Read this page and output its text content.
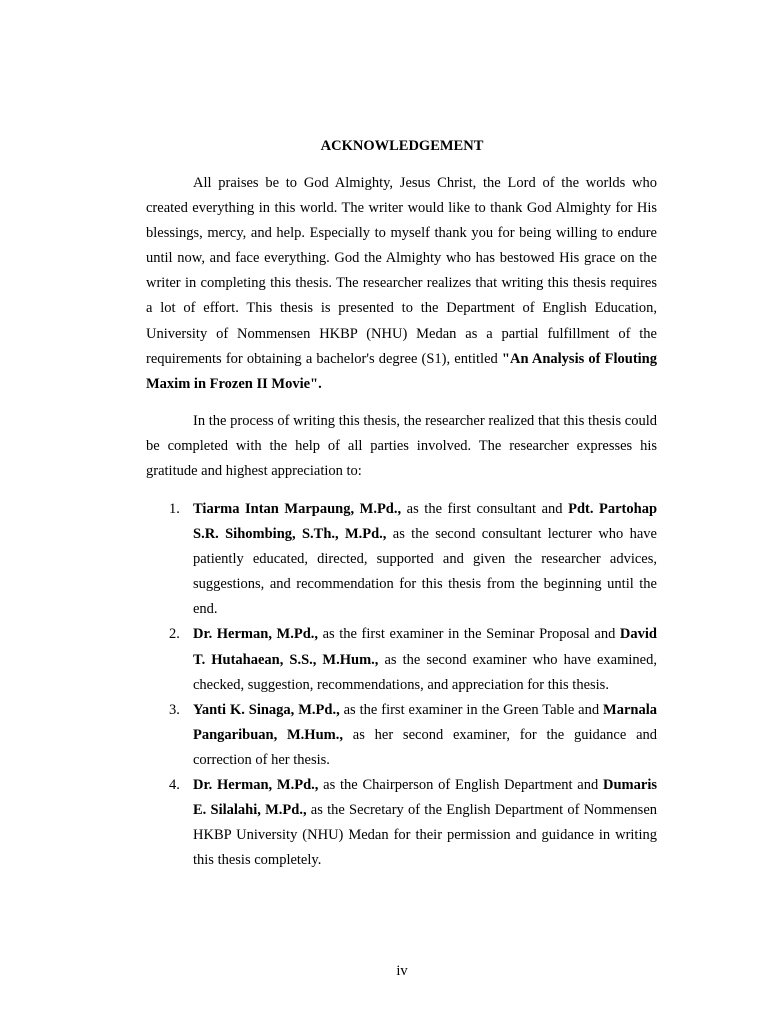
ACKNOWLEDGEMENT

All praises be to God Almighty, Jesus Christ, the Lord of the worlds who created everything in this world. The writer would like to thank God Almighty for His blessings, mercy, and help. Especially to myself thank you for being willing to endure until now, and face everything. God the Almighty who has bestowed His grace on the writer in completing this thesis. The researcher realizes that writing this thesis requires a lot of effort. This thesis is presented to the Department of English Education, University of Nommensen HKBP (NHU) Medan as a partial fulfillment of the requirements for obtaining a bachelor's degree (S1), entitled "An Analysis of Flouting Maxim in Frozen II Movie".

In the process of writing this thesis, the researcher realized that this thesis could be completed with the help of all parties involved. The researcher expresses his gratitude and highest appreciation to:

1. Tiarma Intan Marpaung, M.Pd., as the first consultant and Pdt. Partohap S.R. Sihombing, S.Th., M.Pd., as the second consultant lecturer who have patiently educated, directed, supported and given the researcher advices, suggestions, and recommendation for this thesis from the beginning until the end.
2. Dr. Herman, M.Pd., as the first examiner in the Seminar Proposal and David T. Hutahaean, S.S., M.Hum., as the second examiner who have examined, checked, suggestion, recommendations, and appreciation for this thesis.
3. Yanti K. Sinaga, M.Pd., as the first examiner in the Green Table and Marnala Pangaribuan, M.Hum., as her second examiner, for the guidance and correction of her thesis.
4. Dr. Herman, M.Pd., as the Chairperson of English Department and Dumaris E. Silalahi, M.Pd., as the Secretary of the English Department of Nommensen HKBP University (NHU) Medan for their permission and guidance in writing this thesis completely.
iv
